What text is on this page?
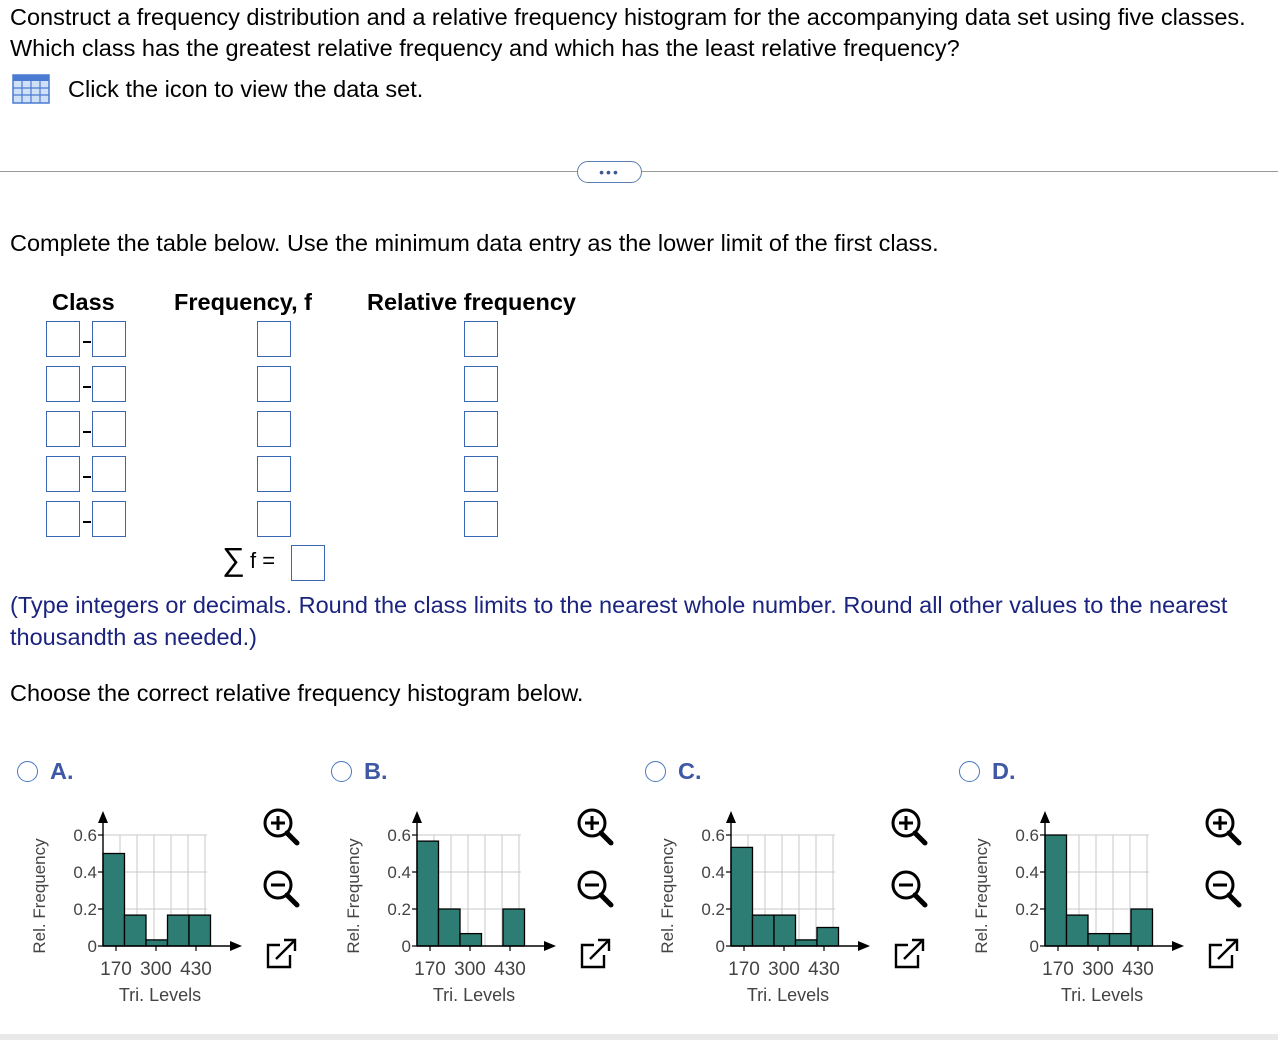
Construct a frequency distribution and a relative frequency histogram for the accompanying data set using five classes. Which class has the greatest relative frequency and which has the least relative frequency?
Click the icon to view the data set.
•••
Complete the table below. Use the minimum data entry as the lower limit of the first class.
Class	Frequency, f Relative frequency
∑ f =
(Type integers or decimals. Round the class limits to the nearest whole number. Round all other values to the nearest thousandth as needed.)
Choose the correct relative frequency histogram below.
A.	B.	C.	D.
0
0.2
0.4
0.6
170 300 430
Tri. Levels
Rel. Frequency	0
0.2
0.4
0.6
170 300 430
Tri. Levels
Rel. Frequency	0
0.2
0.4
0.6
170 300 430
Tri. Levels
Rel. Frequency	0
0.2
0.4
0.6
170 300 430
Tri. Levels
Rel. Frequency
